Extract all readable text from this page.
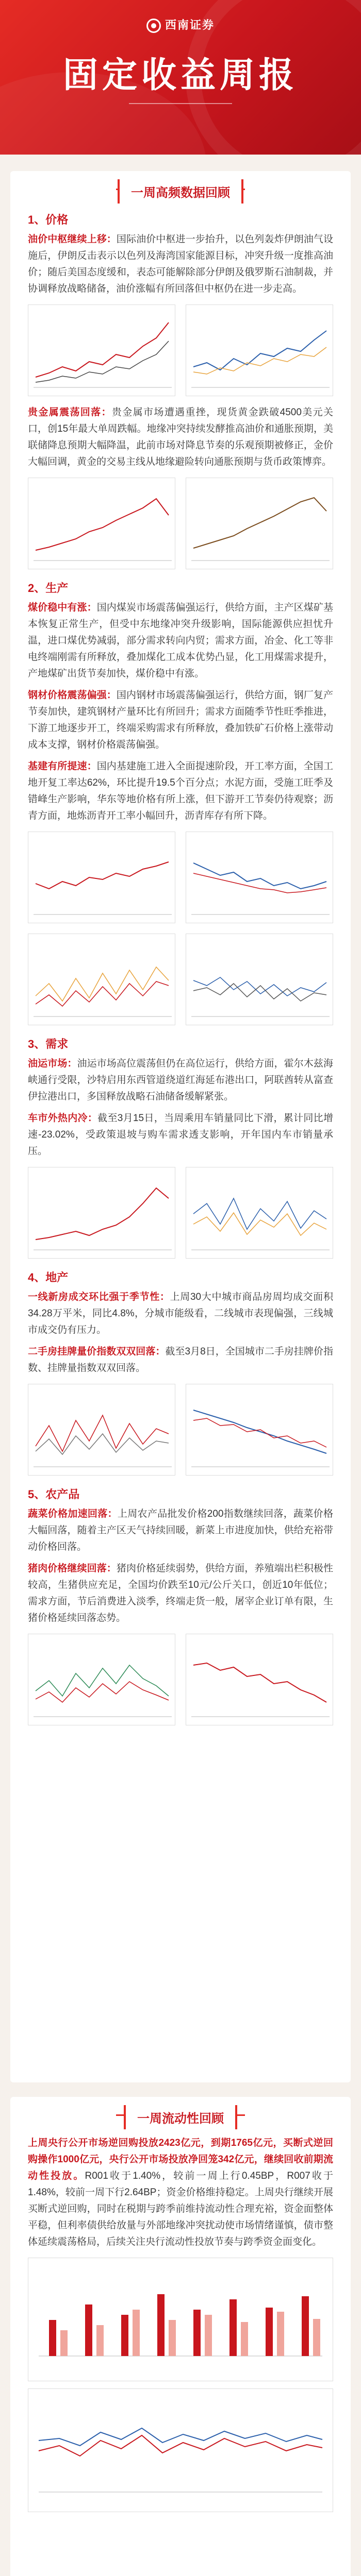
西南证券
固定收益周报
一周高频数据回顾
1、价格
油价中枢继续上移：国际油价中枢进一步抬升，以色列轰炸伊朗油气设施后，伊朗反击表示以色列及海湾国家能源目标，冲突升级一度推高油价；随后美国态度缓和，表态可能解除部分伊朗及俄罗斯石油制裁，并协调释放战略储备，油价涨幅有所回落但中枢仍在进一步走高。
贵金属震荡回落：贵金属市场遭遇重挫，现货黄金跌破4500美元关口，创15年最大单周跌幅。地缘冲突持续发酵推高油价和通胀预期，美联储降息预期大幅降温，此前市场对降息节奏的乐观预期被修正，金价大幅回调，黄金的交易主线从地缘避险转向通胀预期与货币政策博弈。
2、生产
煤价稳中有涨：国内煤炭市场震荡偏强运行，供给方面，主产区煤矿基本恢复正常生产，但受中东地缘冲突升级影响，国际能源供应担忧升温，进口煤优势减弱，部分需求转向内贸；需求方面，冶金、化工等非电终端刚需有所释放，叠加煤化工成本优势凸显，化工用煤需求提升，产地煤矿出货节奏加快，煤价稳中有涨。
钢材价格震荡偏强：国内钢材市场震荡偏强运行，供给方面，钢厂复产节奏加快，建筑钢材产量环比有所回升；需求方面随季节性旺季推进，下游工地逐步开工，终端采购需求有所释放，叠加铁矿石价格上涨带动成本支撑，钢材价格震荡偏强。
基建有所提速：国内基建施工进入全面提速阶段，开工率方面，全国工地开复工率达62%，环比提升19.5个百分点；水泥方面，受施工旺季及错峰生产影响，华东等地价格有所上涨，但下游开工节奏仍待观察；沥青方面，地炼沥青开工率小幅回升，沥青库存有所下降。
3、需求
油运市场：油运市场高位震荡但仍在高位运行，供给方面，霍尔木兹海峡通行受限，沙特启用东西管道绕道红海延布港出口，阿联酋转从富查伊拉港出口，多国释放战略石油储备缓解紧张。
车市外热内冷：截至3月15日，当周乘用车销量同比下滑，累计同比增速-23.02%，受政策退坡与购车需求透支影响，开年国内车市销量承压。
4、地产
一线新房成交环比强于季节性：上周30大中城市商品房周均成交面积34.28万平米，同比4.8%，分城市能级看，二线城市表现偏强，三线城市成交仍有压力。
二手房挂牌量价指数双双回落：截至3月8日，全国城市二手房挂牌价指数、挂牌量指数双双回落。
5、农产品
蔬菜价格加速回落：上周农产品批发价格200指数继续回落，蔬菜价格大幅回落，随着主产区天气持续回暖，新菜上市进度加快，供给充裕带动价格回落。
猪肉价格继续回落：猪肉价格延续弱势，供给方面，养殖端出栏积极性较高，生猪供应充足，全国均价跌至10元/公斤关口，创近10年低位；需求方面，节后消费进入淡季，终端走货一般，屠宰企业订单有限，生猪价格延续回落态势。
一周流动性回顾
上周央行公开市场逆回购投放2423亿元，到期1765亿元，买断式逆回购操作1000亿元，央行公开市场投放净回笼342亿元，继续回收前期流动性投放。R001收于1.40%，较前一周上行0.45BP，R007收于1.48%，较前一周下行2.64BP；资金价格维持稳定。上周央行继续开展买断式逆回购，同时在税期与跨季前维持流动性合理充裕，资金面整体平稳，但利率债供给放量与外部地缘冲突扰动使市场情绪谨慎，债市整体延续震荡格局，后续关注央行流动性投放节奏与跨季资金面变化。
